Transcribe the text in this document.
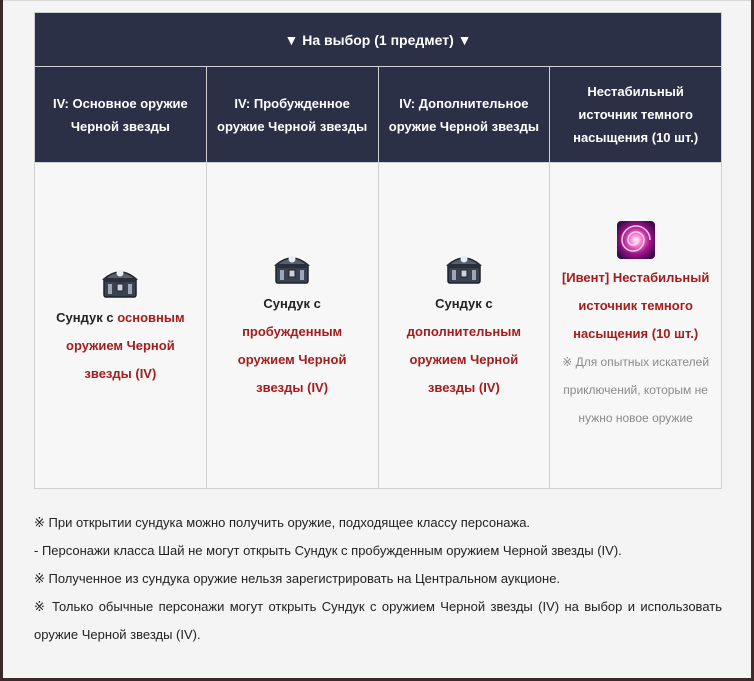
▼ На выбор (1 предмет) ▼			
IV: Основное оружие Черной звезды	IV: Пробужденное оружие Черной звезды	IV: Дополнительное оружие Черной звезды	Нестабильный источник темного насыщения (10 шт.)

Сундук с основным оружием Черной звезды (IV)	Сундук с пробужденным оружием Черной звезды (IV)	Сундук с дополнительным оружием Черной звезды (IV)	[Ивент] Нестабильный источник темного насыщения (10 шт.)
※ Для опытных искателей приключений, которым не нужно новое оружие

※ При открытии сундука можно получить оружие, подходящее классу персонажа.

- Персонажи класса Шай не могут открыть Сундук с пробужденным оружием Черной звезды (IV).

※ Полученное из сундука оружие нельзя зарегистрировать на Центральном аукционе.

※ Только обычные персонажи могут открыть Сундук с оружием Черной звезды (IV) на выбор и использовать оружие Черной звезды (IV).
